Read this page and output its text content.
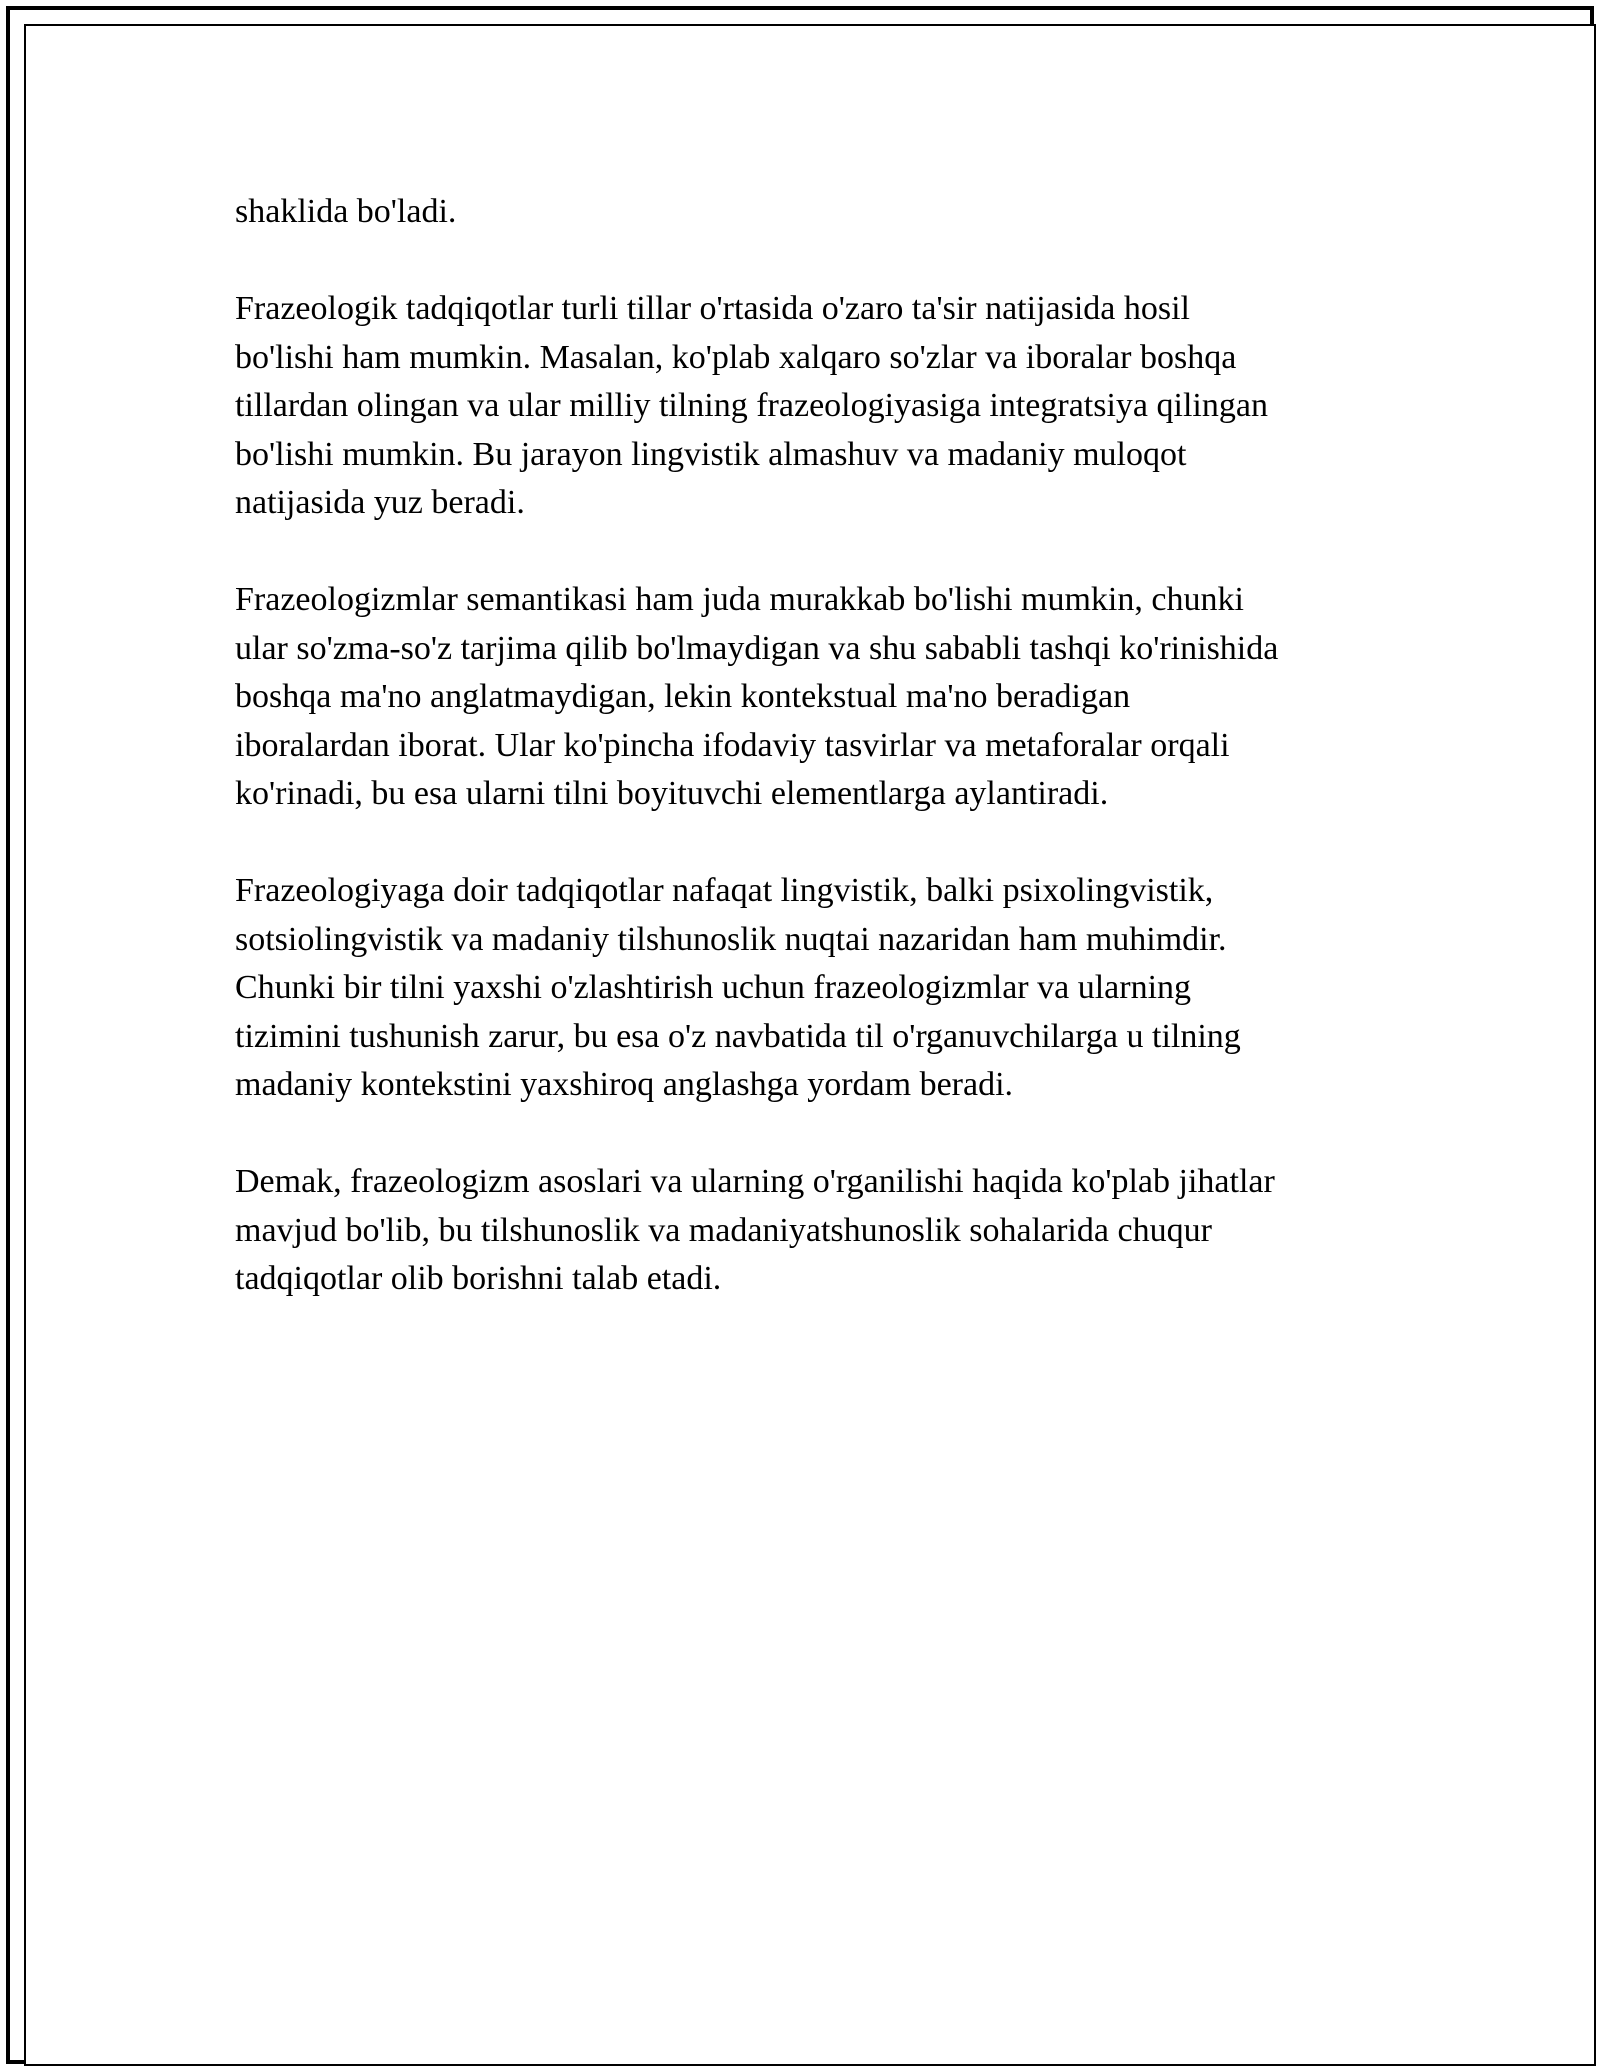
shaklida bo'ladi.

Frazeologik tadqiqotlar turli tillar o'rtasida o'zaro ta'sir natijasida hosil
bo'lishi ham mumkin. Masalan, ko'plab xalqaro so'zlar va iboralar boshqa
tillardan olingan va ular milliy tilning frazeologiyasiga integratsiya qilingan
bo'lishi mumkin. Bu jarayon lingvistik almashuv va madaniy muloqot
natijasida yuz beradi.

Frazeologizmlar semantikasi ham juda murakkab bo'lishi mumkin, chunki
ular so'zma-so'z tarjima qilib bo'lmaydigan va shu sababli tashqi ko'rinishida
boshqa ma'no anglatmaydigan, lekin kontekstual ma'no beradigan
iboralardan iborat. Ular ko'pincha ifodaviy tasvirlar va metaforalar orqali
ko'rinadi, bu esa ularni tilni boyituvchi elementlarga aylantiradi.

Frazeologiyaga doir tadqiqotlar nafaqat lingvistik, balki psixolingvistik,
sotsiolingvistik va madaniy tilshunoslik nuqtai nazaridan ham muhimdir.
Chunki bir tilni yaxshi o'zlashtirish uchun frazeologizmlar va ularning
tizimini tushunish zarur, bu esa o'z navbatida til o'rganuvchilarga u tilning
madaniy kontekstini yaxshiroq anglashga yordam beradi.

Demak, frazeologizm asoslari va ularning o'rganilishi haqida ko'plab jihatlar
mavjud bo'lib, bu tilshunoslik va madaniyatshunoslik sohalarida chuqur
tadqiqotlar olib borishni talab etadi.
